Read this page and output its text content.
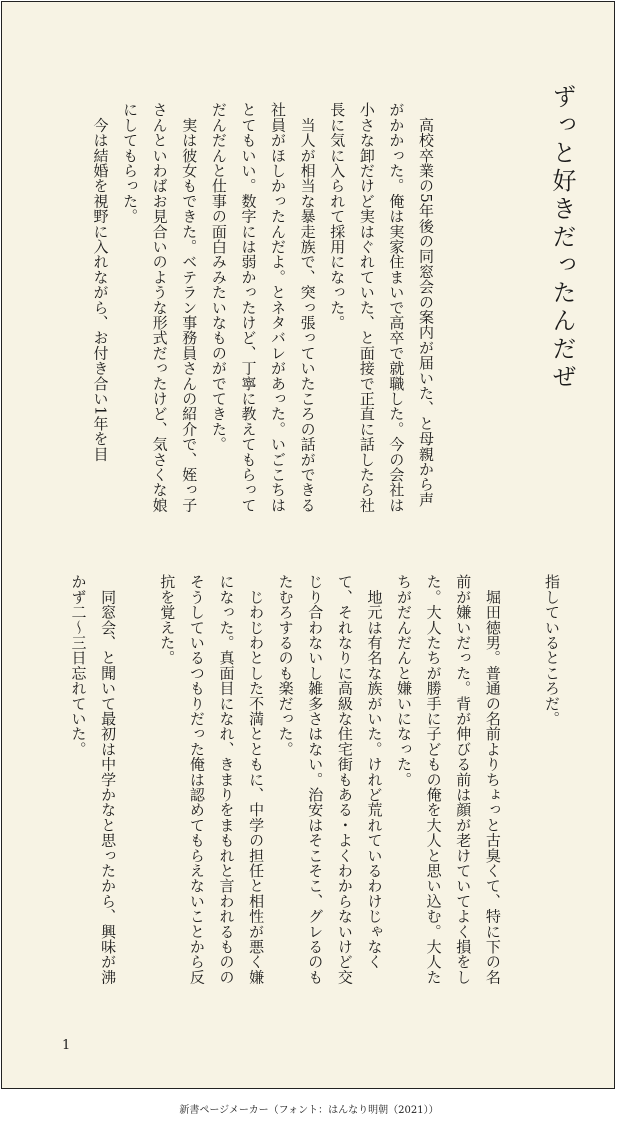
ずっと好きだったんだぜ
　高校卒業の5年後の同窓会の案内が届いた、と母親から声がかかった。俺は実家住まいで高卒で就職した。今の会社は小さな卸だけど実はぐれていた、と面接で正直に話したら社長に気に入られて採用になった。
　当人が相当な暴走族で、突っ張っていたころの話ができる社員がほしかったんだよ。とネタバレがあった。いごこちはとてもいい。数字には弱かったけど、丁寧に教えてもらってだんだんと仕事の面白みみたいなものがでてきた。
　実は彼女もできた。ベテラン事務員さんの紹介で、姪っ子さんといわばお見合いのような形式だったけど、気さくな娘にしてもらった。
　今は結婚を視野に入れながら、お付き合い1年を目
指しているところだ。

　堀田徳男。普通の名前よりちょっと古臭くて、特に下の名前が嫌いだった。背が伸びる前は顔が老けていてよく損をした。大人たちが勝手に子どもの俺を大人と思い込む。大人たちがだんだんと嫌いになった。
　地元は有名な族がいた。けれど荒れているわけじゃなくて、それなりに高級な住宅街もある・よくわからないけど交じり合わないし雑多さはない。治安はそこそこ、グレるのもたむろするのも楽だった。
　じわじわとした不満とともに、中学の担任と相性が悪く嫌になった。真面目になれ、きまりをまもれと言われるもののそうしているつもりだった俺は認めてもらえないことから反抗を覚えた。

　同窓会、と聞いて最初は中学かなと思ったから、興味が沸かず二～三日忘れていた。
1
新書ページメーカー（フォント：はんなり明朝（2021））
